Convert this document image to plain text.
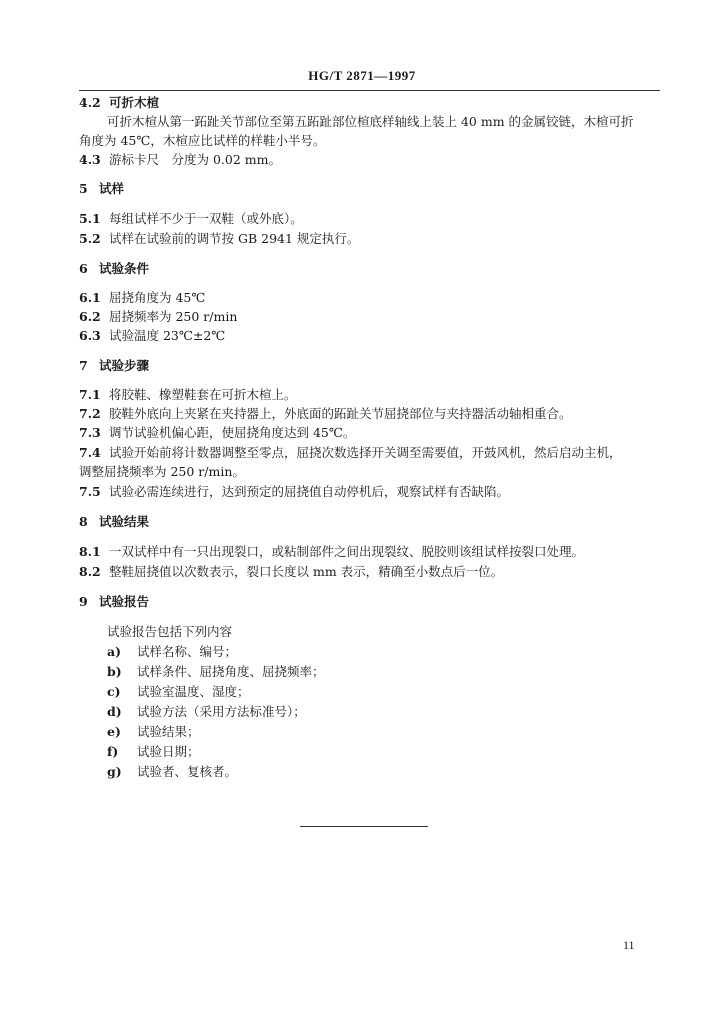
HG/T 2871—1997
4.2 可折木楦
可折木楦从第一跖趾关节部位至第五跖趾部位楦底样轴线上装上 40 mm 的金属铰链，木楦可折
角度为 45℃，木楦应比试样的样鞋小半号。
4.3 游标卡尺　分度为 0.02 mm。
5 试样
5.1 每组试样不少于一双鞋（或外底）。
5.2 试样在试验前的调节按 GB 2941 规定执行。
6 试验条件
6.1 屈挠角度为 45℃
6.2 屈挠频率为 250 r/min
6.3 试验温度 23℃±2℃
7 试验步骤
7.1 将胶鞋、橡塑鞋套在可折木楦上。
7.2 胶鞋外底向上夹紧在夹持器上，外底面的跖趾关节屈挠部位与夹持器活动轴相重合。
7.3 调节试验机偏心距，使屈挠角度达到 45℃。
7.4 试验开始前将计数器调整至零点，屈挠次数选择开关调至需要值，开鼓风机，然后启动主机，
调整屈挠频率为 250 r/min。
7.5 试验必需连续进行，达到预定的屈挠值自动停机后，观察试样有否缺陷。
8 试验结果
8.1 一双试样中有一只出现裂口，或粘制部件之间出现裂纹、脱胶则该组试样按裂口处理。
8.2 整鞋屈挠值以次数表示，裂口长度以 mm 表示，精确至小数点后一位。
9 试验报告
试验报告包括下列内容
a) 试样名称、编号；
b) 试样条件、屈挠角度、屈挠频率；
c) 试验室温度、湿度；
d) 试验方法（采用方法标准号）；
e) 试验结果；
f) 试验日期；
g) 试验者、复核者。
11
